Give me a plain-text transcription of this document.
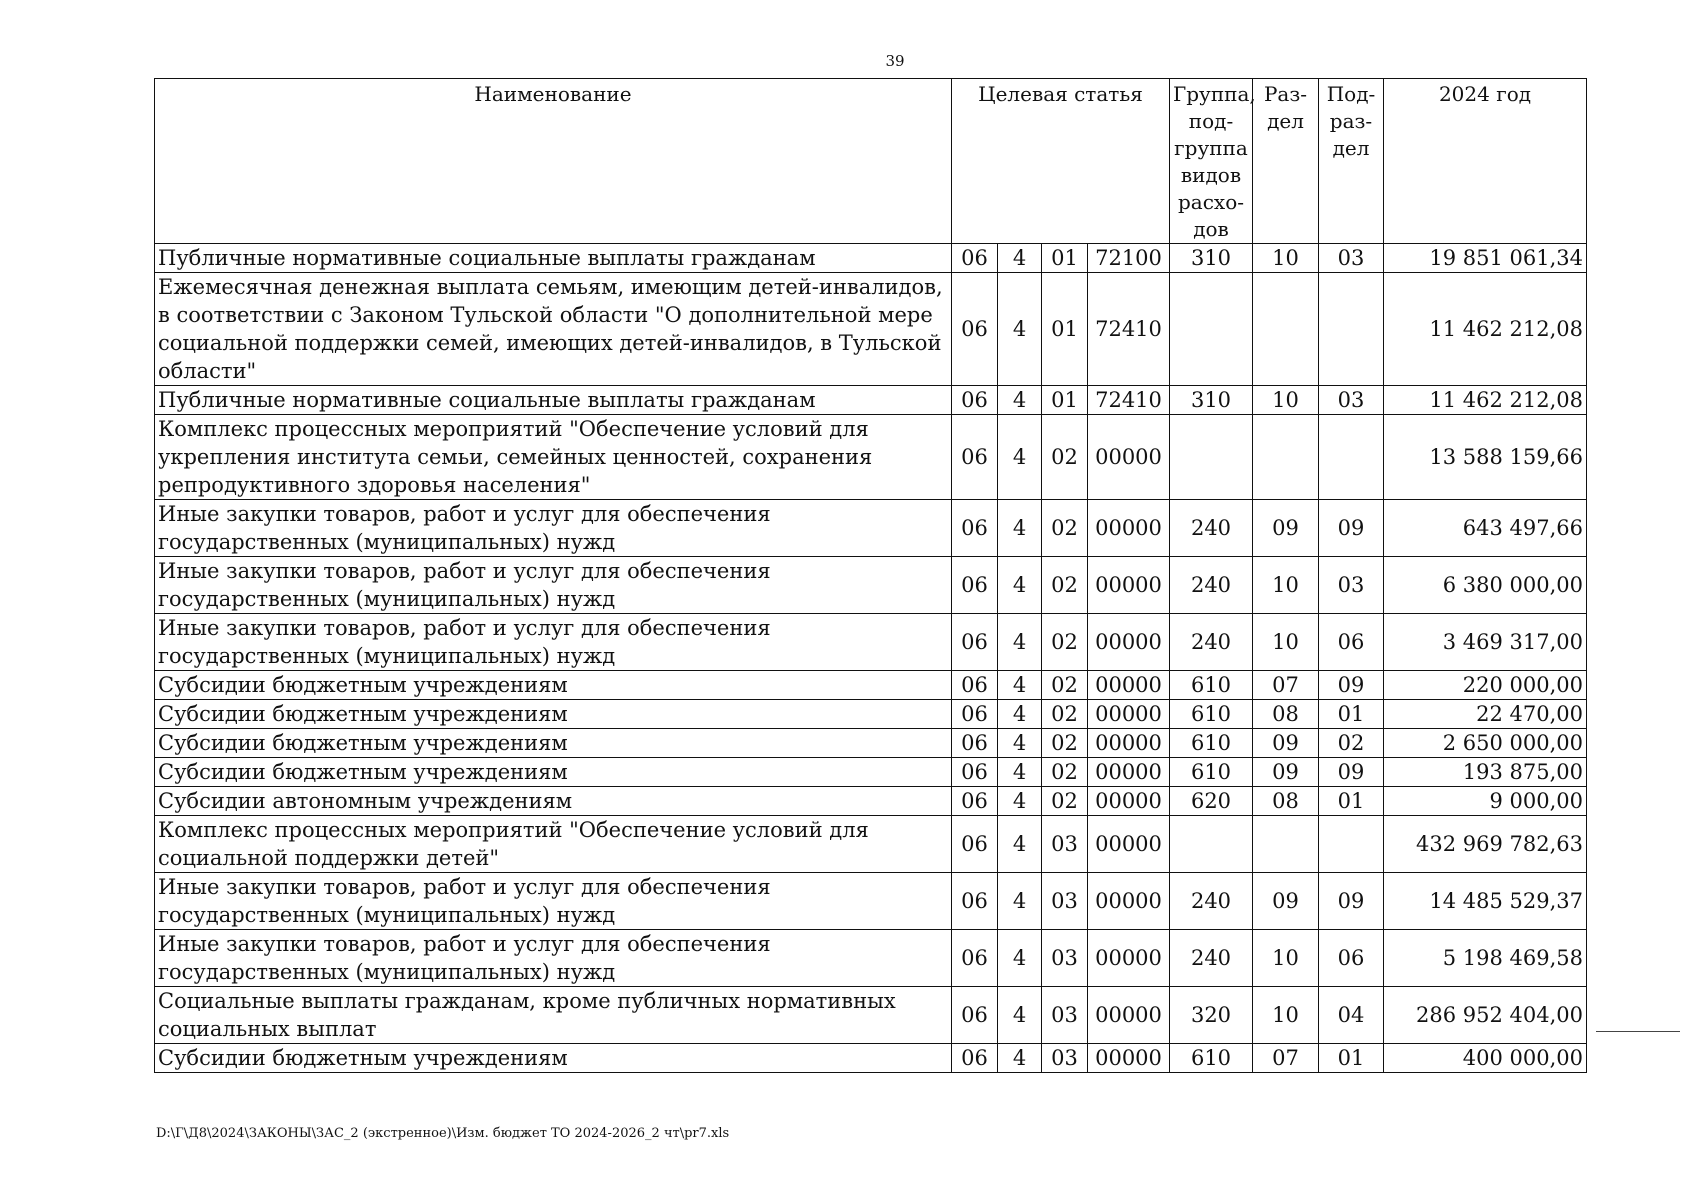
39
Наименование	Целевая статья				Группа, под- группа видов расхо- дов	Раз- дел	Под- раз- дел	2024 год
Публичные нормативные социальные выплаты гражданам	06	4	01	72100	310	10	03	19 851 061,34
Ежемесячная денежная выплата семьям, имеющим детей-инвалидов, в соответствии с Законом Тульской области "О дополнительной мере социальной поддержки семей, имеющих детей-инвалидов, в Тульской области"	06	4	01	72410				11 462 212,08
Публичные нормативные социальные выплаты гражданам	06	4	01	72410	310	10	03	11 462 212,08
Комплекс процессных мероприятий "Обеспечение условий для укрепления института семьи, семейных ценностей, сохранения репродуктивного здоровья населения"	06	4	02	00000				13 588 159,66
Иные закупки товаров, работ и услуг для обеспечения государственных (муниципальных) нужд	06	4	02	00000	240	09	09	643 497,66
Иные закупки товаров, работ и услуг для обеспечения государственных (муниципальных) нужд	06	4	02	00000	240	10	03	6 380 000,00
Иные закупки товаров, работ и услуг для обеспечения государственных (муниципальных) нужд	06	4	02	00000	240	10	06	3 469 317,00
Субсидии бюджетным учреждениям	06	4	02	00000	610	07	09	220 000,00
Субсидии бюджетным учреждениям	06	4	02	00000	610	08	01	22 470,00
Субсидии бюджетным учреждениям	06	4	02	00000	610	09	02	2 650 000,00
Субсидии бюджетным учреждениям	06	4	02	00000	610	09	09	193 875,00
Субсидии автономным учреждениям	06	4	02	00000	620	08	01	9 000,00
Комплекс процессных мероприятий "Обеспечение условий для социальной поддержки детей"	06	4	03	00000				432 969 782,63
Иные закупки товаров, работ и услуг для обеспечения государственных (муниципальных) нужд	06	4	03	00000	240	09	09	14 485 529,37
Иные закупки товаров, работ и услуг для обеспечения государственных (муниципальных) нужд	06	4	03	00000	240	10	06	5 198 469,58
Социальные выплаты гражданам, кроме публичных нормативных социальных выплат	06	4	03	00000	320	10	04	286 952 404,00
Субсидии бюджетным учреждениям	06	4	03	00000	610	07	01	400 000,00
D:\Г\Д8\2024\ЗАКОНЫ\ЗАС_2 (экстренное)\Изм. бюджет ТО 2024-2026_2 чт\pr7.xls
